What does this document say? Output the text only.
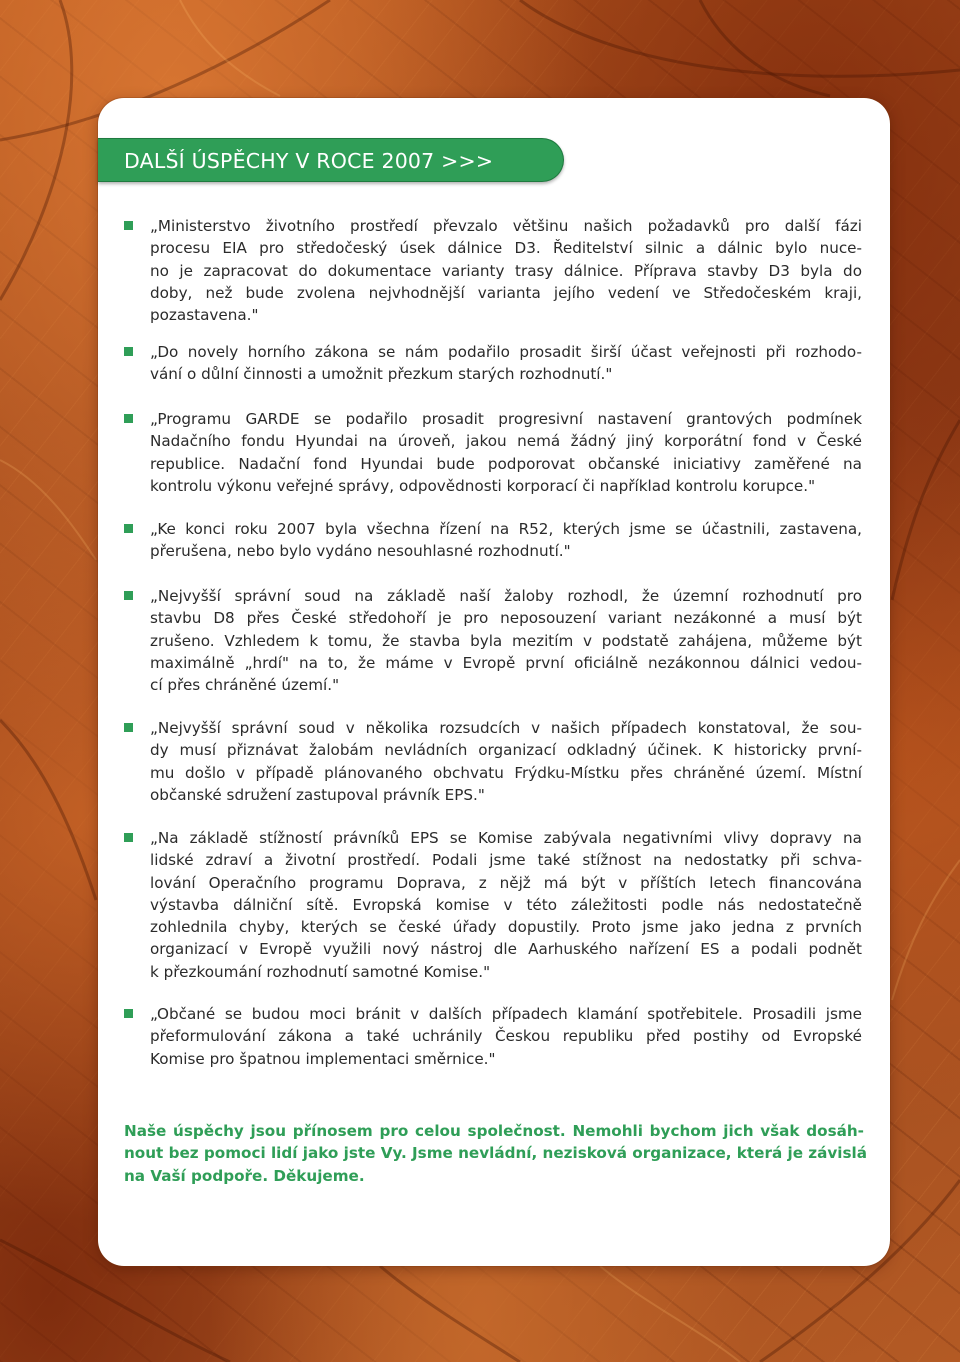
DALŠÍ ÚSPĚCHY V ROCE 2007 >>>

„Ministerstvo životního prostředí převzalo většinu našich požadavků pro další fázi

procesu EIA pro středočeský úsek dálnice D3. Ředitelství silnic a dálnic bylo nuce-

no je zapracovat do dokumentace varianty trasy dálnice. Příprava stavby D3 byla do

doby, než bude zvolena nejvhodnější varianta jejího vedení ve Středočeském kraji,

pozastavena."

„Do novely horního zákona se nám podařilo prosadit širší účast veřejnosti při rozhodo-

vání o důlní činnosti a umožnit přezkum starých rozhodnutí."

„Programu GARDE se podařilo prosadit progresivní nastavení grantových podmínek

Nadačního fondu Hyundai na úroveň, jakou nemá žádný jiný korporátní fond v České

republice. Nadační fond Hyundai bude podporovat občanské iniciativy zaměřené na

kontrolu výkonu veřejné správy, odpovědnosti korporací či například kontrolu korupce."

„Ke konci roku 2007 byla všechna řízení na R52, kterých jsme se účastnili, zastavena,

přerušena, nebo bylo vydáno nesouhlasné rozhodnutí."

„Nejvyšší správní soud na základě naší žaloby rozhodl, že územní rozhodnutí pro

stavbu D8 přes České středohoří je pro neposouzení variant nezákonné a musí být

zrušeno. Vzhledem k tomu, že stavba byla mezitím v podstatě zahájena, můžeme být

maximálně „hrdí" na to, že máme v Evropě první oficiálně nezákonnou dálnici vedou-

cí přes chráněné území."

„Nejvyšší správní soud v několika rozsudcích v našich případech konstatoval, že sou-

dy musí přiznávat žalobám nevládních organizací odkladný účinek. K historicky první-

mu došlo v případě plánovaného obchvatu Frýdku-Místku přes chráněné území. Místní

občanské sdružení zastupoval právník EPS."

„Na základě stížností právníků EPS se Komise zabývala negativními vlivy dopravy na

lidské zdraví a životní prostředí. Podali jsme také stížnost na nedostatky při schva-

lování Operačního programu Doprava, z nějž má být v příštích letech financována

výstavba dálniční sítě. Evropská komise v této záležitosti podle nás nedostatečně

zohlednila chyby, kterých se české úřady dopustily. Proto jsme jako jedna z prvních

organizací v Evropě využili nový nástroj dle Aarhuského nařízení ES a podali podnět

k přezkoumání rozhodnutí samotné Komise."

„Občané se budou moci bránit v dalších případech klamání spotřebitele. Prosadili jsme

přeformulování zákona a také uchránily Českou republiku před postihy od Evropské

Komise pro špatnou implementaci směrnice."

Naše úspěchy jsou přínosem pro celou společnost. Nemohli bychom jich však dosáh-

nout bez pomoci lidí jako jste Vy. Jsme nevládní, nezisková organizace, která je závislá

na Vaší podpoře. Děkujeme.
